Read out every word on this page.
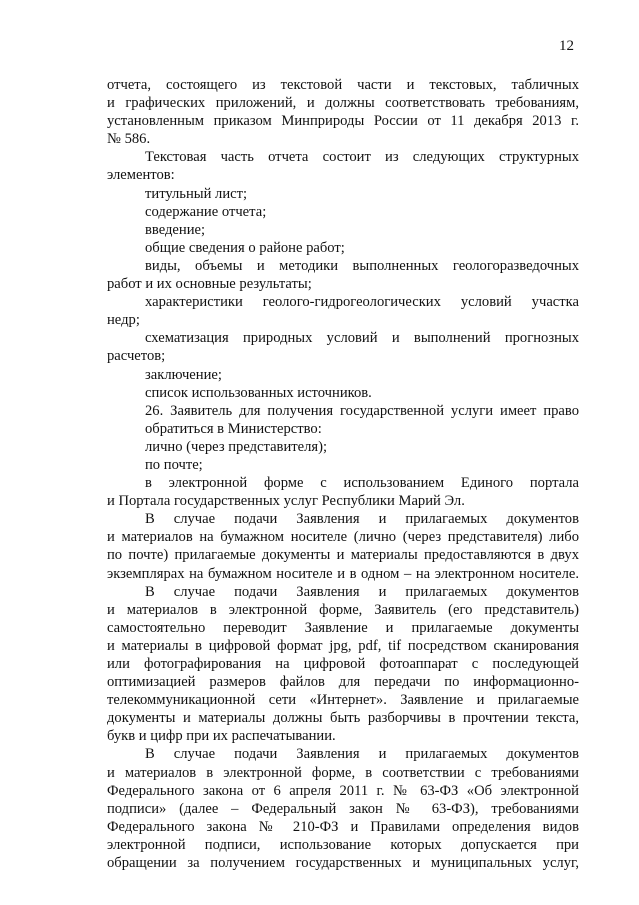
12
отчета, состоящего из текстовой части и текстовых, табличных
и графических приложений, и должны соответствовать требованиям,
установленным приказом Минприроды России от 11 декабря 2013 г.
№ 586.
Текстовая часть отчета состоит из следующих структурных
элементов:
титульный лист;
содержание отчета;
введение;
общие сведения о районе работ;
виды, объемы и методики выполненных геологоразведочных
работ и их основные результаты;
характеристики геолого-гидрогеологических условий участка
недр;
схематизация природных условий и выполнений прогнозных
расчетов;
заключение;
список использованных источников.
26. Заявитель для получения государственной услуги имеет право
обратиться в Министерство:
лично (через представителя);
по почте;
в электронной форме с использованием Единого портала
и Портала государственных услуг Республики Марий Эл.
В случае подачи Заявления и прилагаемых документов
и материалов на бумажном носителе (лично (через представителя) либо
по почте) прилагаемые документы и материалы предоставляются в двух
экземплярах на бумажном носителе и в одном – на электронном носителе.
В случае подачи Заявления и прилагаемых документов
и материалов в электронной форме, Заявитель (его представитель)
самостоятельно переводит Заявление и прилагаемые документы
и материалы в цифровой формат jpg, pdf, tif посредством сканирования
или фотографирования на цифровой фотоаппарат с последующей
оптимизацией размеров файлов для передачи по информационно-
телекоммуникационной сети «Интернет». Заявление и прилагаемые
документы и материалы должны быть разборчивы в прочтении текста,
букв и цифр при их распечатывании.
В случае подачи Заявления и прилагаемых документов
и материалов в электронной форме, в соответствии с требованиями
Федерального закона от 6 апреля 2011 г. № 63-ФЗ «Об электронной
подписи» (далее – Федеральный закон № 63-ФЗ), требованиями
Федерального закона № 210-ФЗ и Правилами определения видов
электронной подписи, использование которых допускается при
обращении за получением государственных и муниципальных услуг,
